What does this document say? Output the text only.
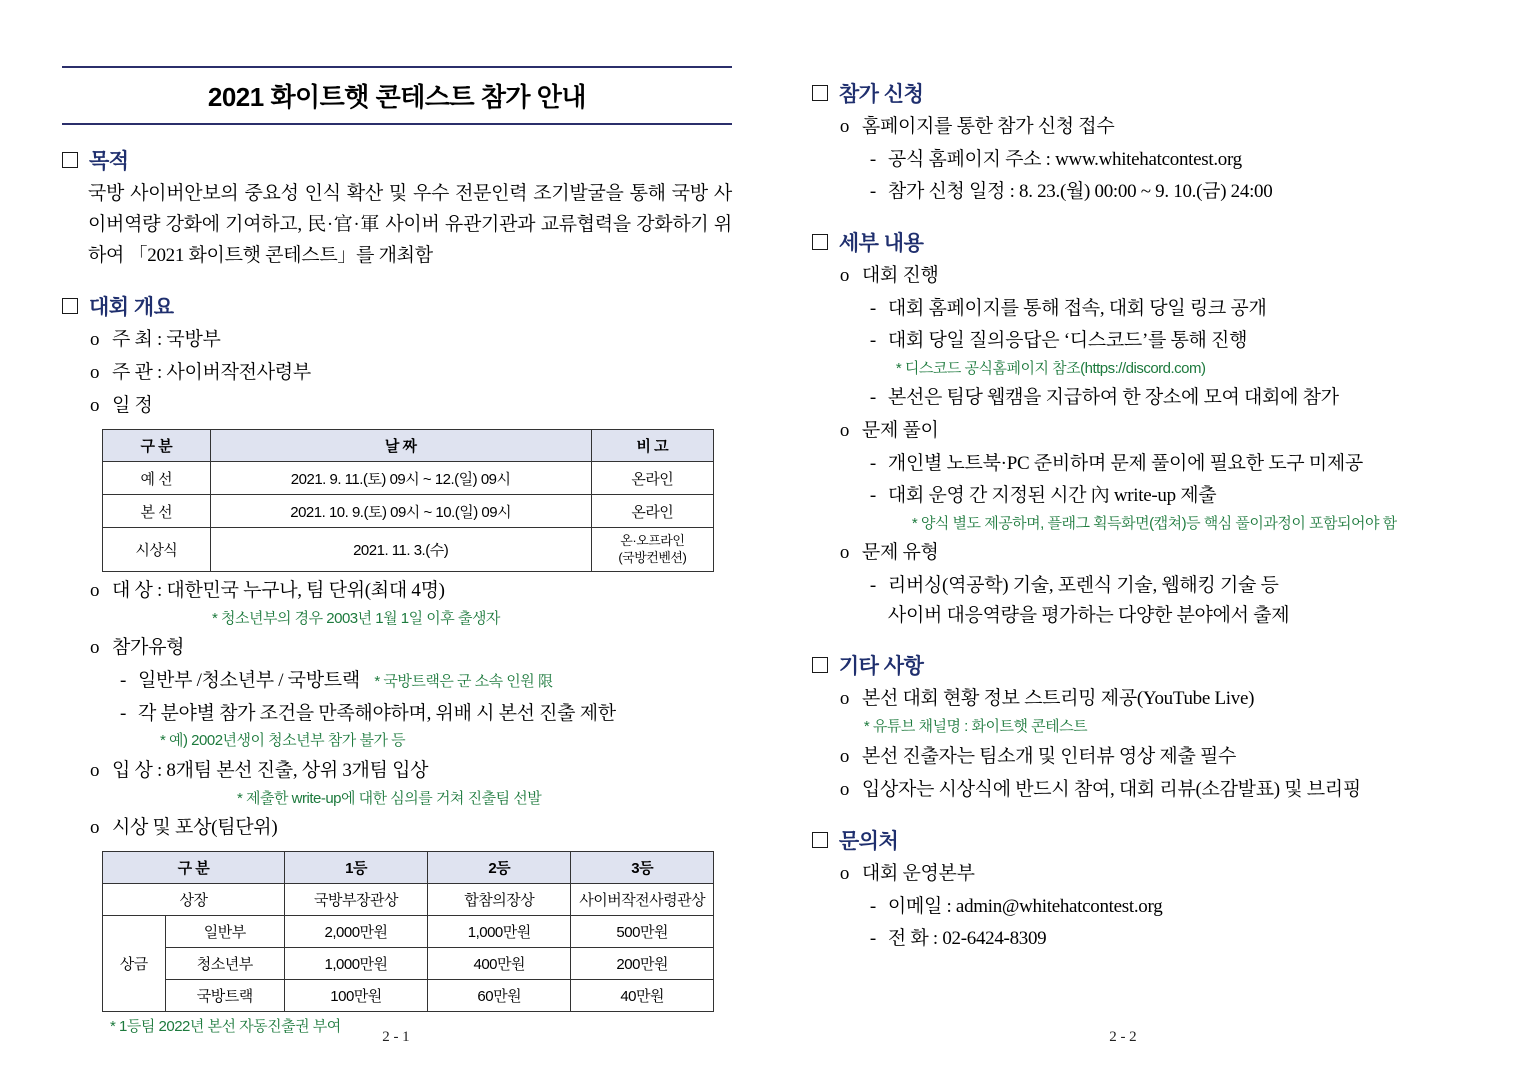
2021 화이트햇 콘테스트 참가 안내
목적
국방 사이버안보의 중요성 인식 확산 및 우수 전문인력 조기발굴을 통해 국방 사이버역량 강화에 기여하고, 民·官·軍 사이버 유관기관과 교류협력을 강화하기 위하여 「2021 화이트햇 콘테스트」를 개최함
대회 개요
o 주 최 : 국방부
o 주 관 : 사이버작전사령부
o 일 정
구 분	날 짜	비 고
예 선	2021. 9. 11.(토) 09시 ~ 12.(일) 09시	온라인
본 선	2021. 10. 9.(토) 09시 ~ 10.(일) 09시	온라인
시상식	2021. 11. 3.(수)	온·오프라인
(국방컨벤션)
o 대 상 : 대한민국 누구나, 팀 단위(최대 4명)
* 청소년부의 경우 2003년 1월 1일 이후 출생자
o 참가유형
- 일반부 /청소년부 / 국방트랙 * 국방트랙은 군 소속 인원 限
- 각 분야별 참가 조건을 만족해야하며, 위배 시 본선 진출 제한
* 예) 2002년생이 청소년부 참가 불가 등
o 입 상 : 8개팀 본선 진출, 상위 3개팀 입상
* 제출한 write-up에 대한 심의를 거쳐 진출팀 선발
o 시상 및 포상(팀단위)
구 분		1등	2등	3등
상장		국방부장관상	합참의장상	사이버작전사령관상
상금	일반부	2,000만원	1,000만원	500만원
	청소년부	1,000만원	400만원	200만원
	국방트랙	100만원	60만원	40만원
* 1등팀 2022년 본선 자동진출권 부여
2 - 1
참가 신청
o 홈페이지를 통한 참가 신청 접수
- 공식 홈페이지 주소 : www.whitehatcontest.org
- 참가 신청 일정 : 8. 23.(월) 00:00 ~ 9. 10.(금) 24:00
세부 내용
o 대회 진행
- 대회 홈페이지를 통해 접속, 대회 당일 링크 공개
- 대회 당일 질의응답은 ‘디스코드’를 통해 진행
* 디스코드 공식홈페이지 참조(https://discord.com)
- 본선은 팀당 웹캠을 지급하여 한 장소에 모여 대회에 참가
o 문제 풀이
- 개인별 노트북·PC 준비하며 문제 풀이에 필요한 도구 미제공
- 대회 운영 간 지정된 시간 內 write-up 제출
* 양식 별도 제공하며, 플래그 획득화면(캡쳐)등 핵심 풀이과정이 포함되어야 함
o 문제 유형
- 리버싱(역공학) 기술, 포렌식 기술, 웹해킹 기술 등
사이버 대응역량을 평가하는 다양한 분야에서 출제
기타 사항
o 본선 대회 현황 정보 스트리밍 제공(YouTube Live)
* 유튜브 채널명 : 화이트햇 콘테스트
o 본선 진출자는 팀소개 및 인터뷰 영상 제출 필수
o 입상자는 시상식에 반드시 참여, 대회 리뷰(소감발표) 및 브리핑
문의처
o 대회 운영본부
- 이메일 : admin@whitehatcontest.org
- 전 화 : 02-6424-8309
2 - 2
